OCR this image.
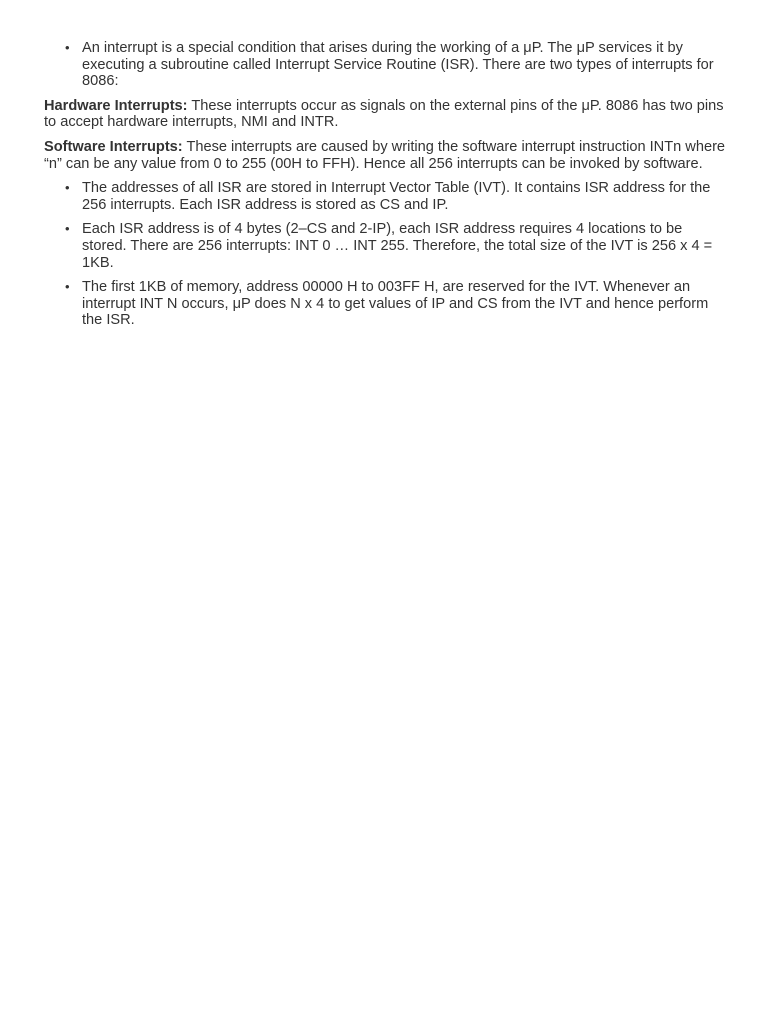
• An interrupt is a special condition that arises during the working of a μP. The μP services it by executing a subroutine called Interrupt Service Routine (ISR). There are two types of interrupts for 8086:

Hardware Interrupts: These interrupts occur as signals on the external pins of the μP. 8086 has two pins to accept hardware interrupts, NMI and INTR.

Software Interrupts: These interrupts are caused by writing the software interrupt instruction INTn where “n” can be any value from 0 to 255 (00H to FFH). Hence all 256 interrupts can be invoked by software.

• The addresses of all ISR are stored in Interrupt Vector Table (IVT). It contains ISR address for the 256 interrupts. Each ISR address is stored as CS and IP.
• Each ISR address is of 4 bytes (2–CS and 2-IP), each ISR address requires 4 locations to be stored. There are 256 interrupts: INT 0 … INT 255. Therefore, the total size of the IVT is 256 x 4 = 1KB.
• The first 1KB of memory, address 00000 H to 003FF H, are reserved for the IVT. Whenever an interrupt INT N occurs, μP does N x 4 to get values of IP and CS from the IVT and hence perform the ISR.
